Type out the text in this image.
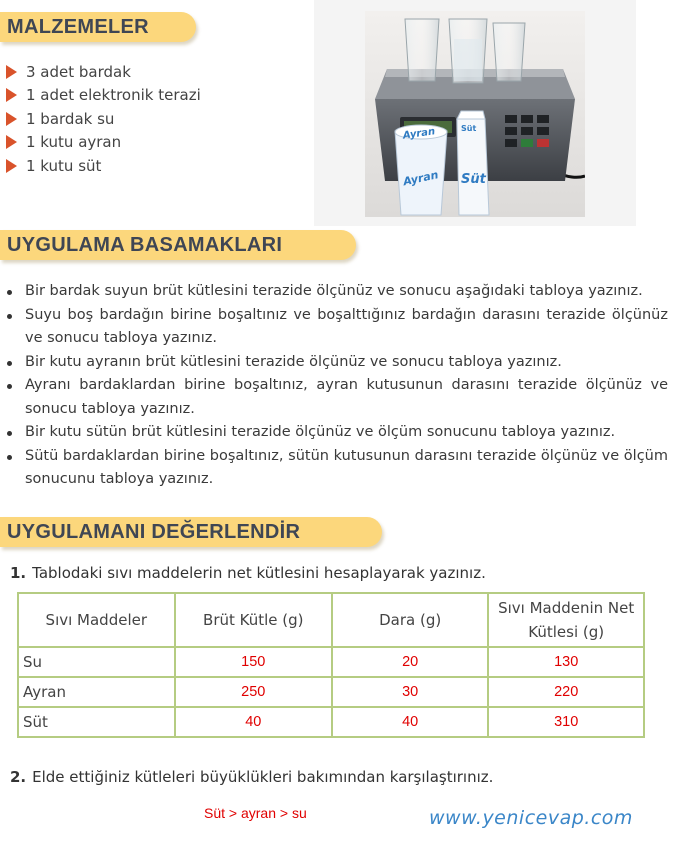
MALZEMELER
3 adet bardak
1 adet elektronik terazi
1 bardak su
1 kutu ayran
1 kutu süt
Ayran
Ayran
Süt
Süt
UYGULAMA BASAMAKLARI
Bir bardak suyun brüt kütlesini terazide ölçünüz ve sonucu aşağıdaki tabloya yazınız.
Suyu boş bardağın birine boşaltınız ve boşalttığınız bardağın darasını terazide ölçünüz ve sonucu tabloya yazınız.
Bir kutu ayranın brüt kütlesini terazide ölçünüz ve sonucu tabloya yazınız.
Ayranı bardaklardan birine boşaltınız, ayran kutusunun darasını terazide ölçünüz ve sonucu tabloya yazınız.
Bir kutu sütün brüt kütlesini terazide ölçünüz ve ölçüm sonucunu tabloya yazınız.
Sütü bardaklardan birine boşaltınız, sütün kutusunun darasını terazide ölçünüz ve ölçüm sonucunu tabloya yazınız.
UYGULAMANI DEĞERLENDİR
1. Tablodaki sıvı maddelerin net kütlesini hesaplayarak yazınız.
Sıvı Maddeler	Brüt Kütle (g)	Dara (g)	Sıvı Maddenin Net Kütlesi (g)
Su	150	20	130
Ayran	250	30	220
Süt	40	40	310
2. Elde ettiğiniz kütleleri büyüklükleri bakımından karşılaştırınız.
Süt > ayran > su	www.yenicevap.com
